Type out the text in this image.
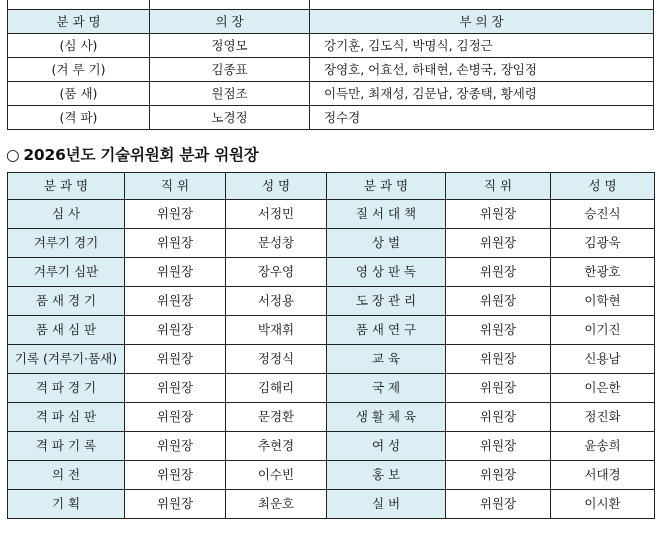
분 과 명	의 장	부 의 장
(심 사)	정영모	강기훈, 김도식, 박명식, 김정근
(겨 루 기)	김종표	장영호, 어효선, 하태현, 손병국, 장임정
(품 새)	원점조	이득만, 최재성, 김문남, 장종택, 황세령
(격 파)	노경정	정수경
○ 2026년도 기술위원회 분과 위원장
분 과 명	직 위	성 명	분 과 명	직 위	성 명
심 사	위원장	서정민	질 서 대 책	위원장	승진식
겨루기 경기	위원장	문성창	상 벌	위원장	김광욱
겨루기 심판	위원장	장우영	영 상 판 독	위원장	한광호
품 새 경 기	위원장	서정용	도 장 관 리	위원장	이학현
품 새 심 판	위원장	박재휘	품 새 연 구	위원장	이기진
기록 (겨루기·품새)	위원장	정정식	교 육	위원장	신용남
격 파 경 기	위원장	김해리	국 제	위원장	이은한
격 파 심 판	위원장	문경환	생 활 체 육	위원장	정진화
격 파 기 록	위원장	추현경	여 성	위원장	윤송희
의 전	위원장	이수빈	홍 보	위원장	서대경
기 획	위원장	최운호	실 버	위원장	이시환
